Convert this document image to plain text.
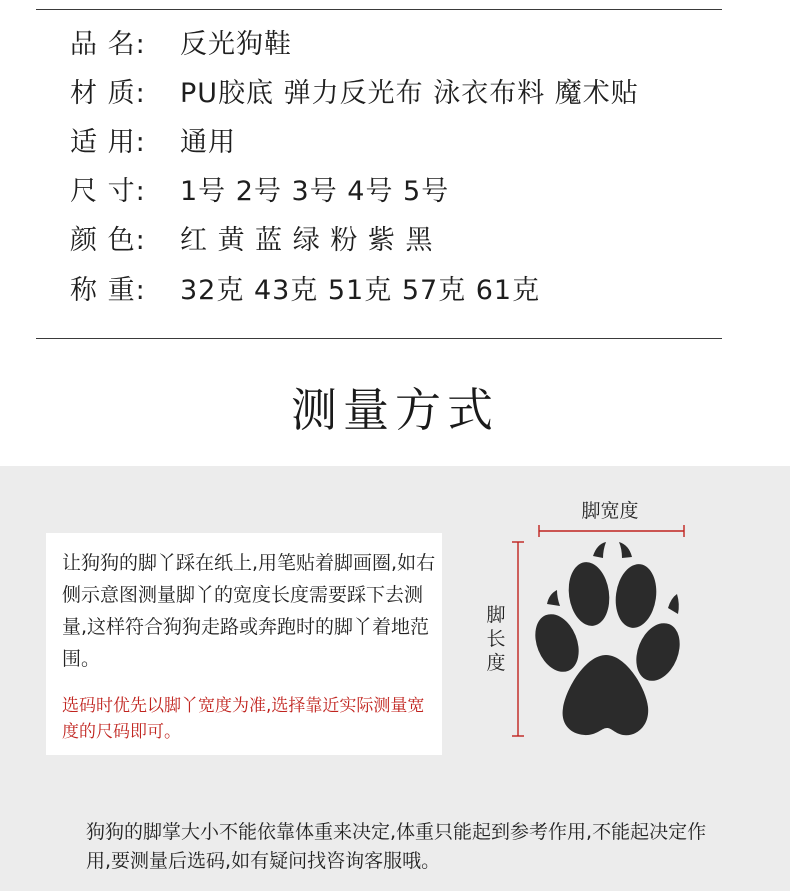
品 名: 反光狗鞋
材 质: PU胶底 弹力反光布 泳衣布料 魔术贴
适 用: 通用
尺 寸: 1号 2号 3号 4号 5号
颜 色: 红 黄 蓝 绿 粉 紫 黑
称 重: 32克 43克 51克 57克 61克
测量方式
让狗狗的脚丫踩在纸上,用笔贴着脚画圈,如右侧示意图测量脚丫的宽度长度需要踩下去测量,这样符合狗狗走路或奔跑时的脚丫着地范围。
选码时优先以脚丫宽度为准,选择靠近实际测量宽度的尺码即可。
脚宽度
脚
长
度
狗狗的脚掌大小不能依靠体重来决定,体重只能起到参考作用,不能起决定作用,要测量后选码,如有疑问找咨询客服哦。
